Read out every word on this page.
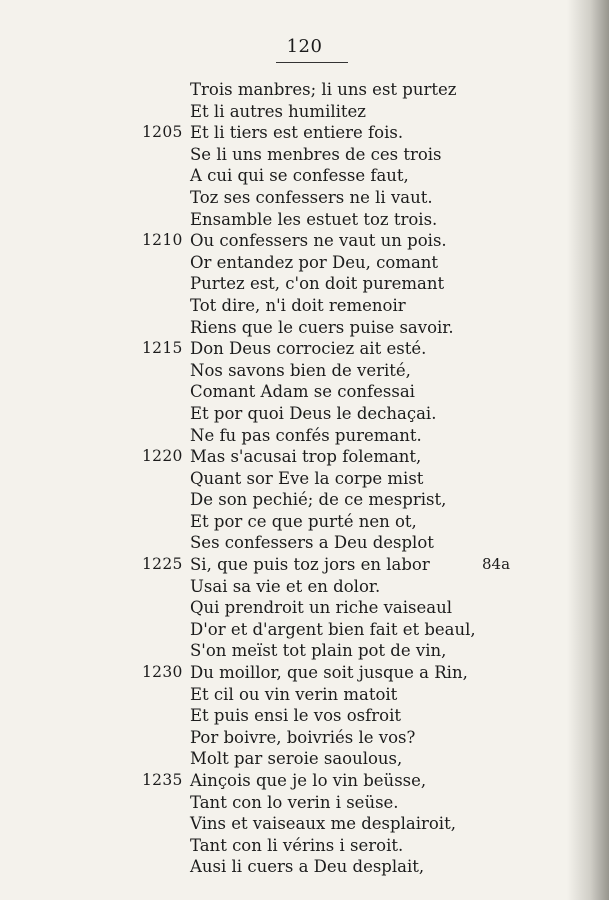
120
Trois manbres; li uns est purtez
Et li autres humilitez
1205 Et li tiers est entiere fois.
Se li uns menbres de ces trois
A cui qui se confesse faut,
Toz ses confessers ne li vaut.
Ensamble les estuet toz trois.
1210 Ou confessers ne vaut un pois.
Or entandez por Deu, comant
Purtez est, c'on doit puremant
Tot dire, n'i doit remenoir
Riens que le cuers puise savoir.
1215 Don Deus corrociez ait esté.
Nos savons bien de verité,
Comant Adam se confessai
Et por quoi Deus le dechaçai.
Ne fu pas confés puremant.
1220 Mas s'acusai trop folemant,
Quant sor Eve la corpe mist
De son pechié; de ce mesprist,
Et por ce que purté nen ot,
Ses confessers a Deu desplot
1225 Si, que puis toz jors en labor	84a
Usai sa vie et en dolor.
Qui prendroit un riche vaiseaul
D'or et d'argent bien fait et beaul,
S'on meïst tot plain pot de vin,
1230 Du moillor, que soit jusque a Rin,
Et cil ou vin verin matoit
Et puis ensi le vos osfroit
Por boivre, boivriés le vos?
Molt par seroie saoulous,
1235 Ainçois que je lo vin beüsse,
Tant con lo verin i seüse.
Vins et vaiseaux me desplairoit,
Tant con li vérins i seroit.
Ausi li cuers a Deu desplait,
